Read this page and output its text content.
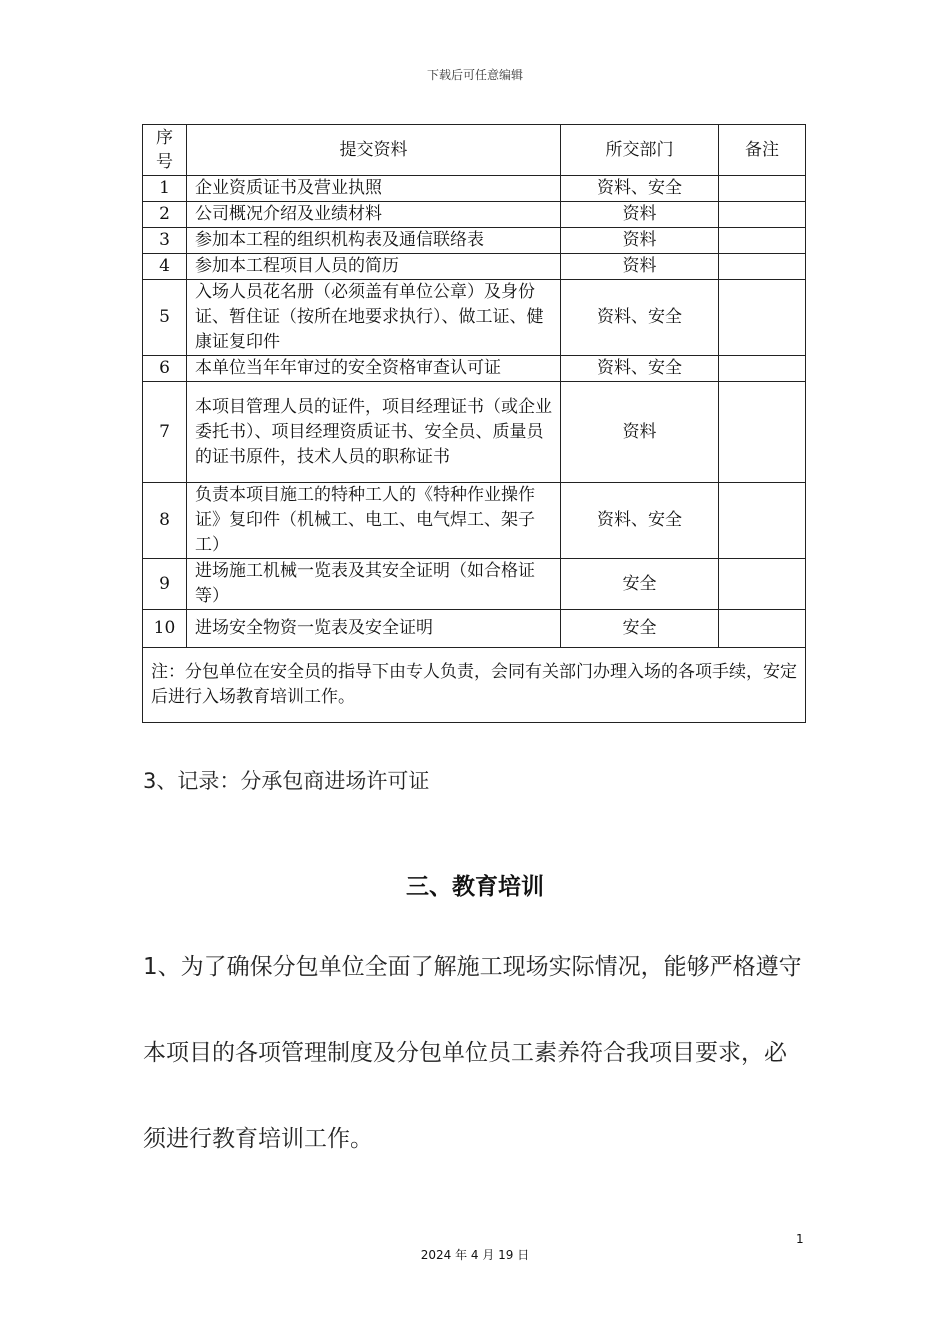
下载后可任意编辑
序号	提交资料	所交部门	备注
1	企业资质证书及营业执照	资料、安全	
2	公司概况介绍及业绩材料	资料	
3	参加本工程的组织机构表及通信联络表	资料	
4	参加本工程项目人员的简历	资料	
5	入场人员花名册（必须盖有单位公章）及身份证、暂住证（按所在地要求执行）、做工证、健康证复印件	资料、安全	
6	本单位当年年审过的安全资格审查认可证	资料、安全	
7	本项目管理人员的证件，项目经理证书（或企业委托书）、项目经理资质证书、安全员、质量员的证书原件，技术人员的职称证书	资料	
8	负责本项目施工的特种工人的《特种作业操作证》复印件（机械工、电工、电气焊工、架子工）	资料、安全	
9	进场施工机械一览表及其安全证明（如合格证等）	安全	
10	进场安全物资一览表及安全证明	安全	
注：分包单位在安全员的指导下由专人负责，会同有关部门办理入场的各项手续，安定后进行入场教育培训工作。			
3、记录：分承包商进场许可证
三、教育培训
1、为了确保分包单位全面了解施工现场实际情况，能够严格遵守
本项目的各项管理制度及分包单位员工素养符合我项目要求，必
须进行教育培训工作。
1
2024 年 4 月 19 日
